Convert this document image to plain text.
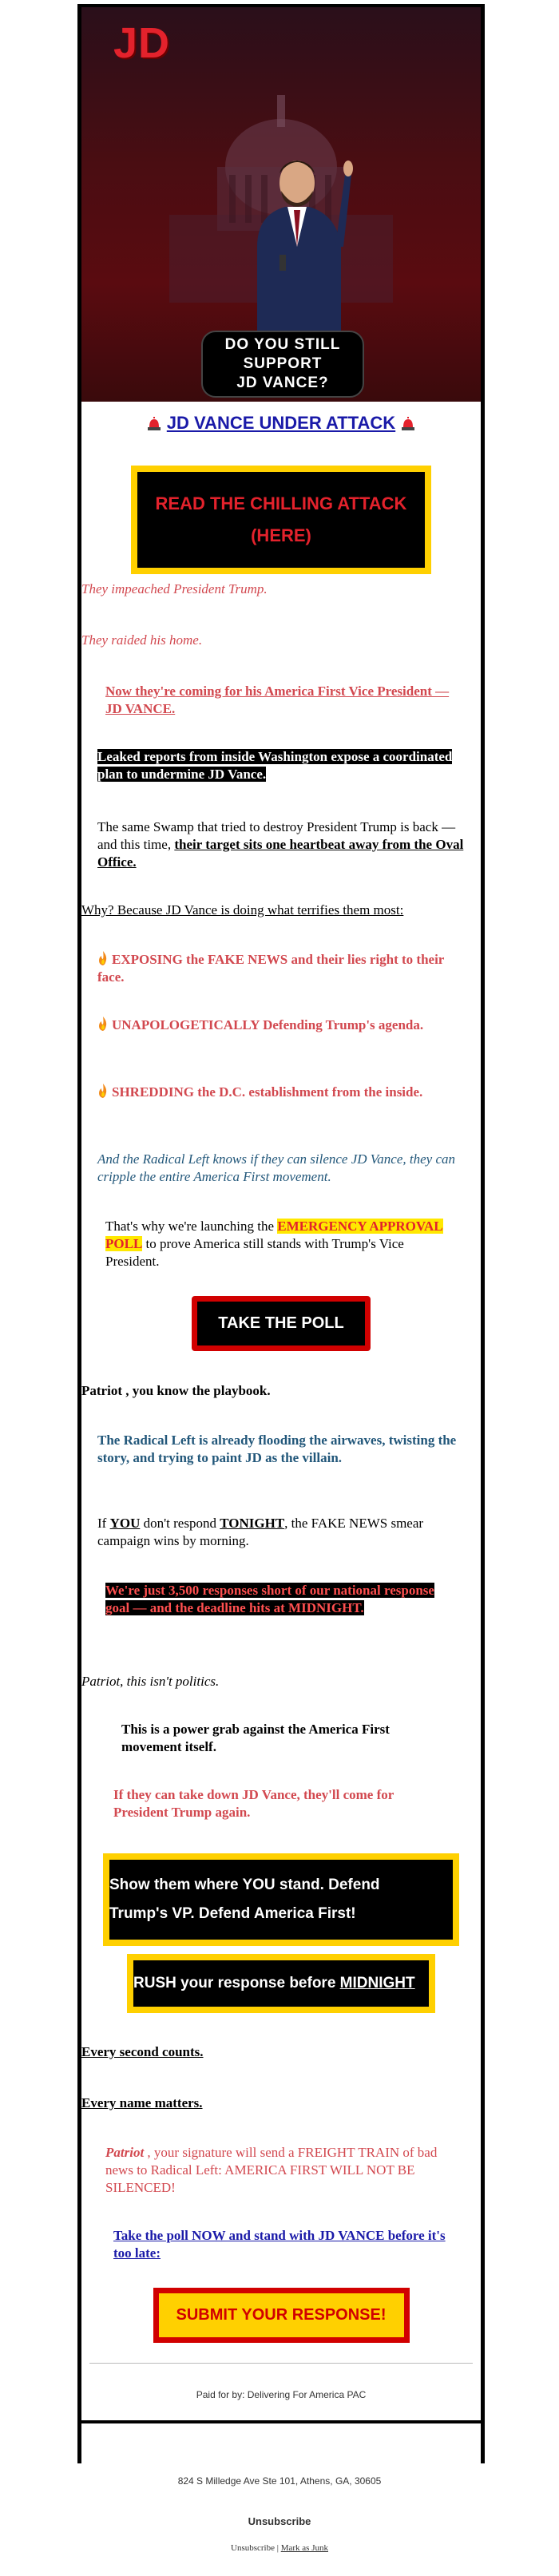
JD
DO YOU STILL
SUPPORT
JD VANCE?
JD VANCE UNDER ATTACK
READ THE CHILLING ATTACK
(HERE)

They impeached President Trump.

They raided his home.

Now they're coming for his America First Vice President — JD VANCE.

Leaked reports from inside Washington expose a coordinated plan to undermine JD Vance.

The same Swamp that tried to destroy President Trump is back — and this time, their target sits one heartbeat away from the Oval Office.

Why? Because JD Vance is doing what terrifies them most:

EXPOSING the FAKE NEWS and their lies right to their face.

UNAPOLOGETICALLY Defending Trump's agenda.

SHREDDING the D.C. establishment from the inside.

And the Radical Left knows if they can silence JD Vance, they can cripple the entire America First movement.

That's why we're launching the EMERGENCY APPROVAL POLL to prove America still stands with Trump's Vice President.

TAKE THE POLL

Patriot , you know the playbook.

The Radical Left is already flooding the airwaves, twisting the story, and trying to paint JD as the villain.

If YOU don't respond TONIGHT, the FAKE NEWS smear campaign wins by morning.

We're just 3,500 responses short of our national response goal — and the deadline hits at MIDNIGHT.

Patriot, this isn't politics.

This is a power grab against the America First movement itself.

If they can take down JD Vance, they'll come for President Trump again.

Show them where YOU stand. Defend
Trump's VP. Defend America First!
RUSH your response before MIDNIGHT

Every second counts.

Every name matters.

Patriot , your signature will send a FREIGHT TRAIN of bad news to Radical Left: AMERICA FIRST WILL NOT BE SILENCED!

Take the poll NOW and stand with JD VANCE before it's too late:

SUBMIT YOUR RESPONSE!
Paid for by: Delivering For America PAC
824 S Milledge Ave Ste 101, Athens, GA, 30605
Unsubscribe
Unsubscribe | Mark as Junk
